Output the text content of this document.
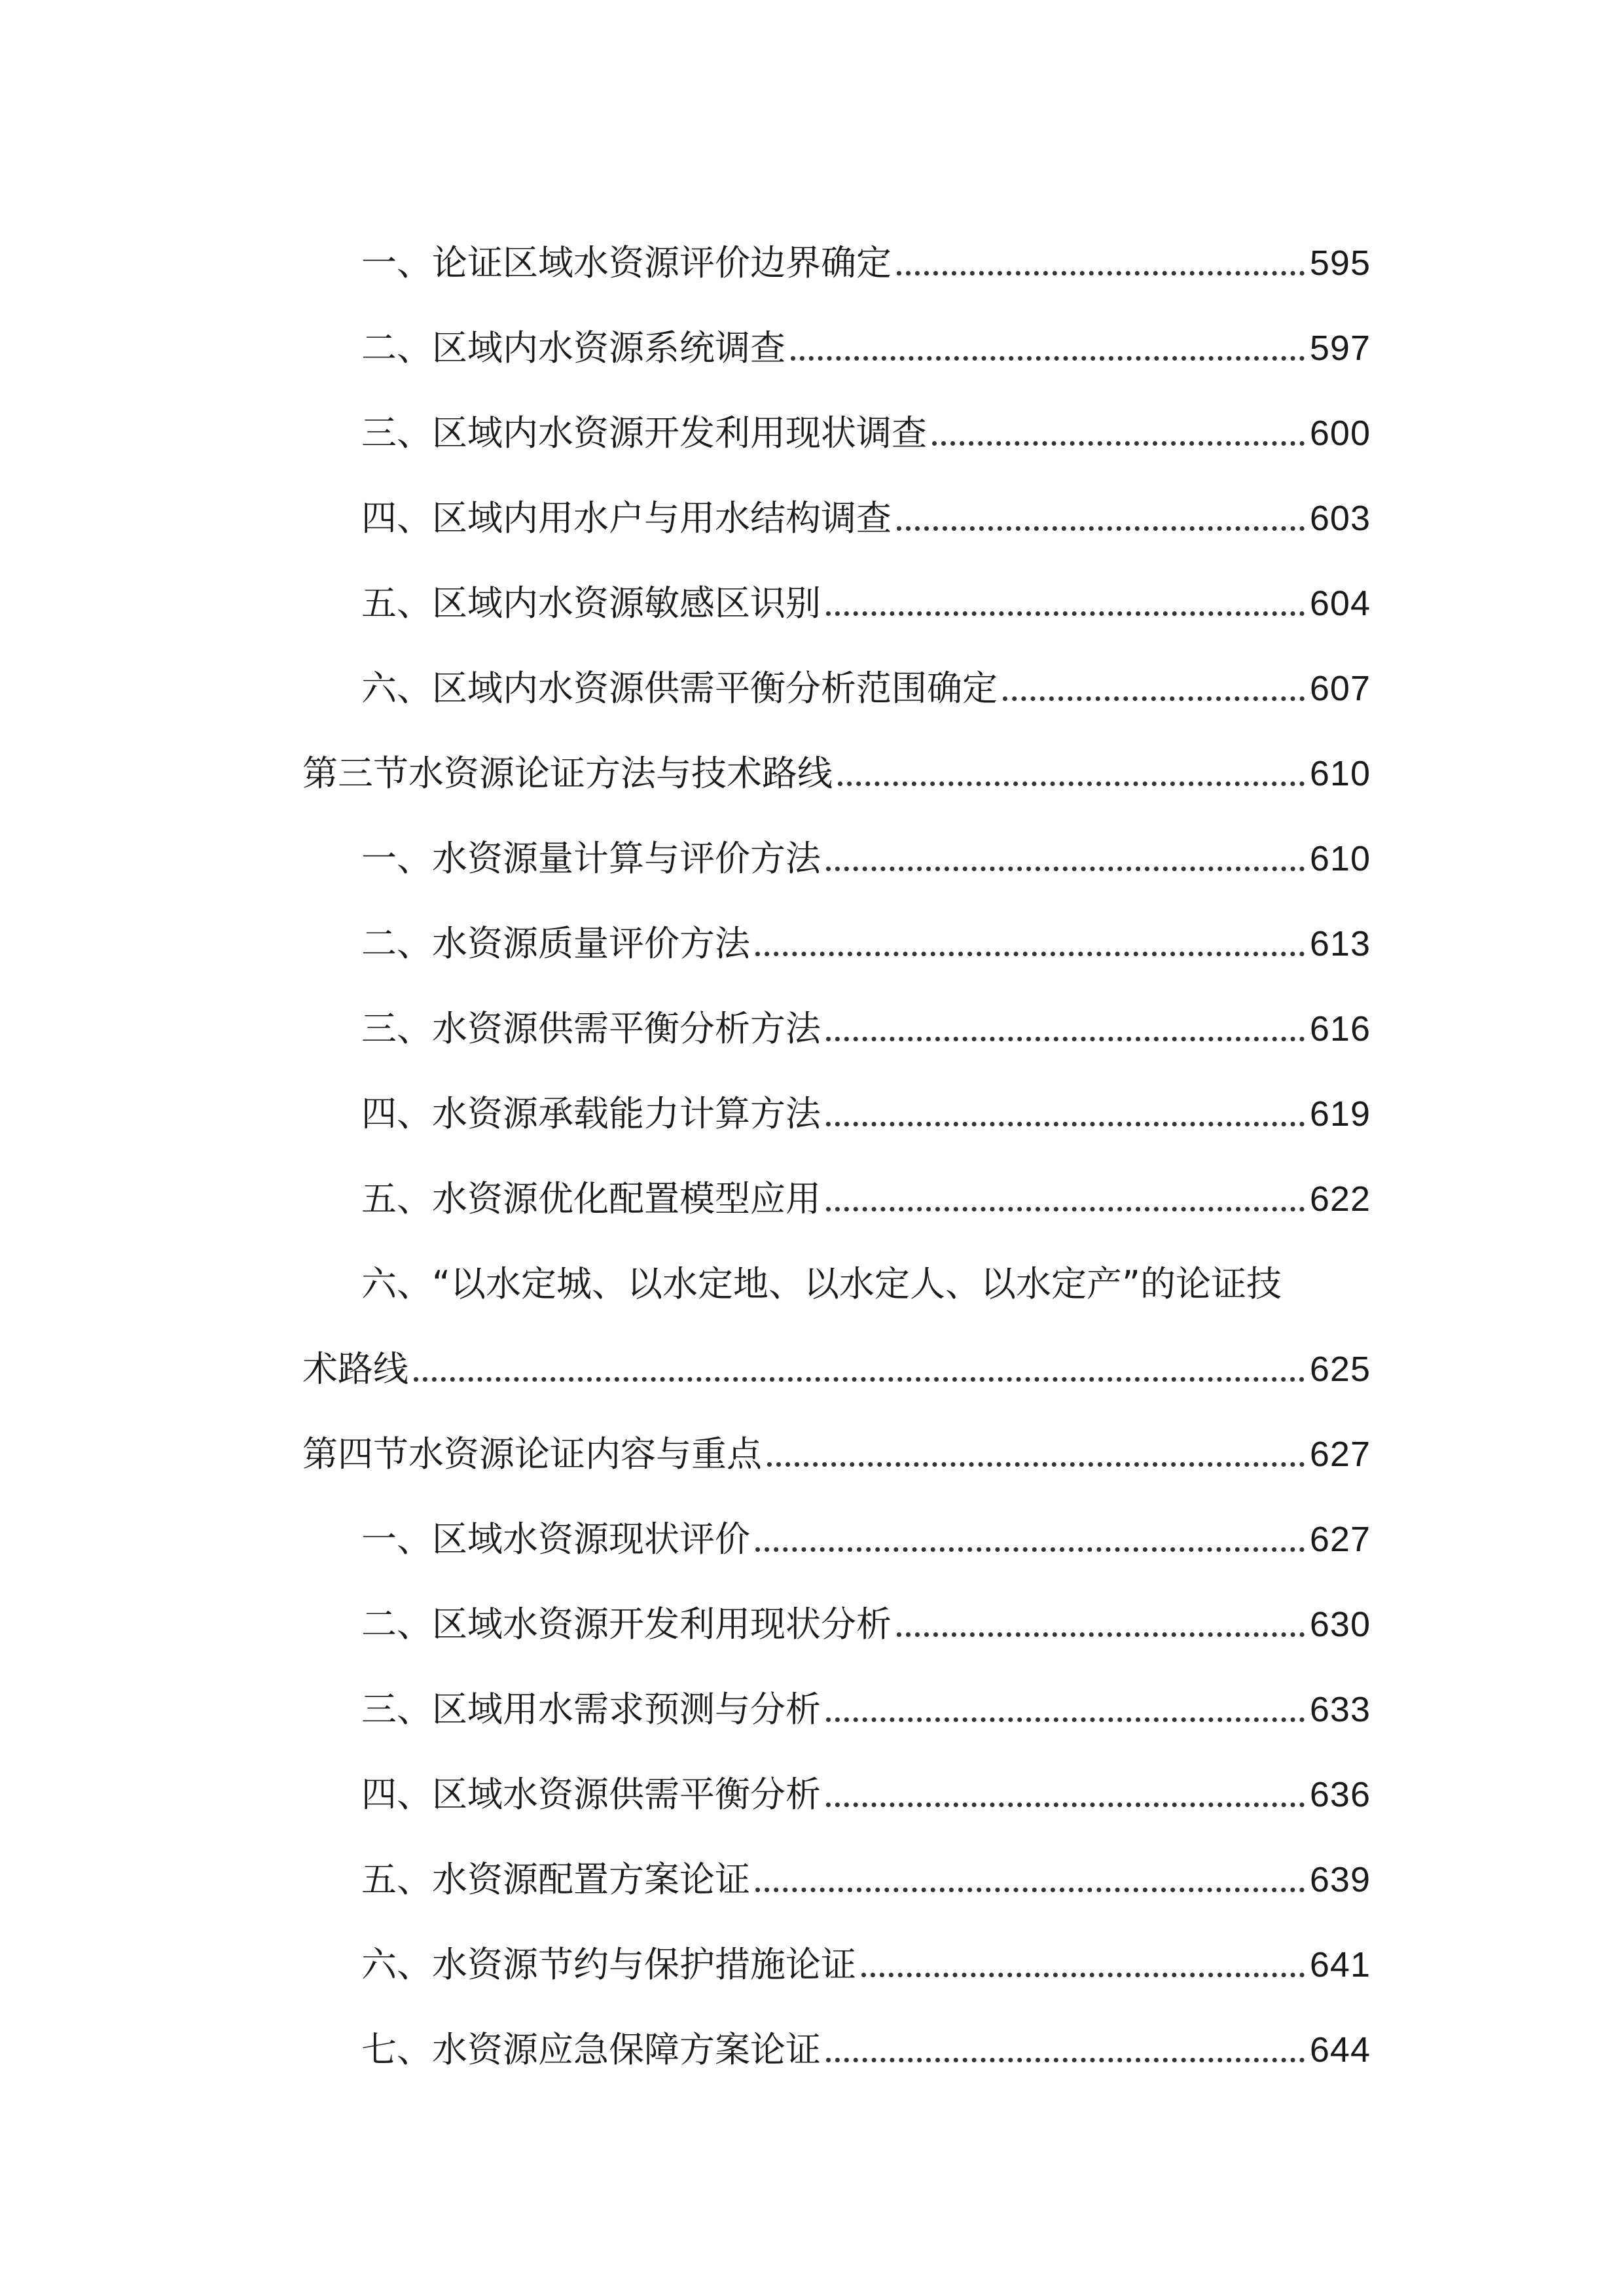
一、论证区域水资源评价边界确定	595
二、区域内水资源系统调查	597
三、区域内水资源开发利用现状调查	600
四、区域内用水户与用水结构调查	603
五、区域内水资源敏感区识别	604
六、区域内水资源供需平衡分析范围确定	607
第三节水资源论证方法与技术路线	610
一、水资源量计算与评价方法	610
二、水资源质量评价方法	613
三、水资源供需平衡分析方法	616
四、水资源承载能力计算方法	619
五、水资源优化配置模型应用	622
六、“以水定城、以水定地、以水定人、以水定产”的论证技
术路线	625
第四节水资源论证内容与重点	627
一、区域水资源现状评价	627
二、区域水资源开发利用现状分析	630
三、区域用水需求预测与分析	633
四、区域水资源供需平衡分析	636
五、水资源配置方案论证	639
六、水资源节约与保护措施论证	641
七、水资源应急保障方案论证	644
